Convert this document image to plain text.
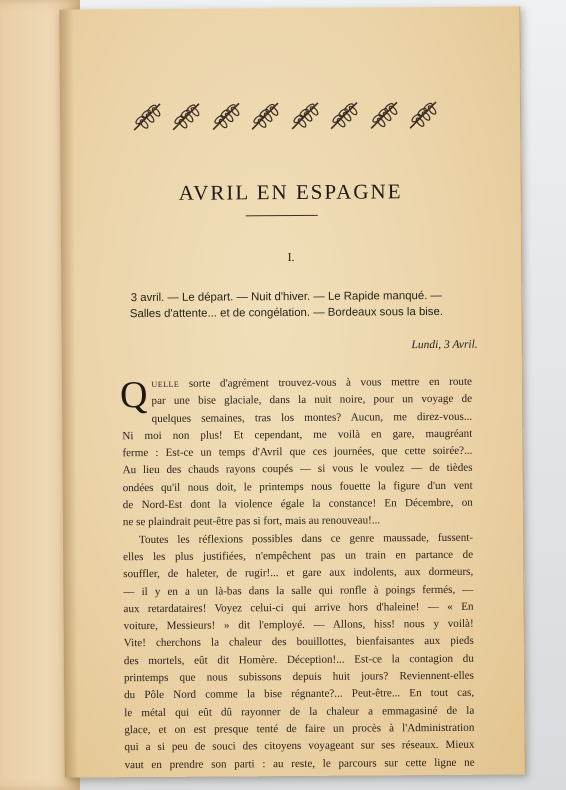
AVRIL EN ESPAGNE
I.
3 avril. — Le départ. — Nuit d'hiver. — Le Rapide manqué. —
Salles d'attente... et de congélation. — Bordeaux sous la bise.
Lundi, 3 Avril.
Q uelle sorte d'agrément trouvez-vous à vous mettre en route
par une bise glaciale, dans la nuit noire, pour un voyage de
quelques semaines, tras los montes? Aucun, me direz-vous...
Ni moi non plus! Et cependant, me voilà en gare, maugréant
ferme : Est-ce un temps d'Avril que ces journées, que cette soirée?...
Au lieu des chauds rayons coupés — si vous le voulez — de tièdes
ondées qu'il nous doit, le printemps nous fouette la figure d'un vent
de Nord-Est dont la violence égale la constance! En Décembre, on
ne se plaindrait peut-être pas si fort, mais au renouveau!...
Toutes les réflexions possibles dans ce genre maussade, fussent-
elles les plus justifiées, n'empêchent pas un train en partance de
souffler, de haleter, de rugir!... et gare aux indolents, aux dormeurs,
— il y en a un là-bas dans la salle qui ronfle à poings fermés, —
aux retardataires! Voyez celui-ci qui arrive hors d'haleine! — « En
voiture, Messieurs! » dit l'employé. — Allons, hiss! nous y voilà!
Vite! cherchons la chaleur des bouillottes, bienfaisantes aux pieds
des mortels, eût dit Homère. Déception!... Est-ce la contagion du
printemps que nous subissons depuis huit jours? Reviennent-elles
du Pôle Nord comme la bise régnante?... Peut-être... En tout cas,
le métal qui eût dû rayonner de la chaleur a emmagasiné de la
glace, et on est presque tenté de faire un procès à l'Administration
qui a si peu de souci des citoyens voyageant sur ses réseaux. Mieux
vaut en prendre son parti : au reste, le parcours sur cette ligne ne
